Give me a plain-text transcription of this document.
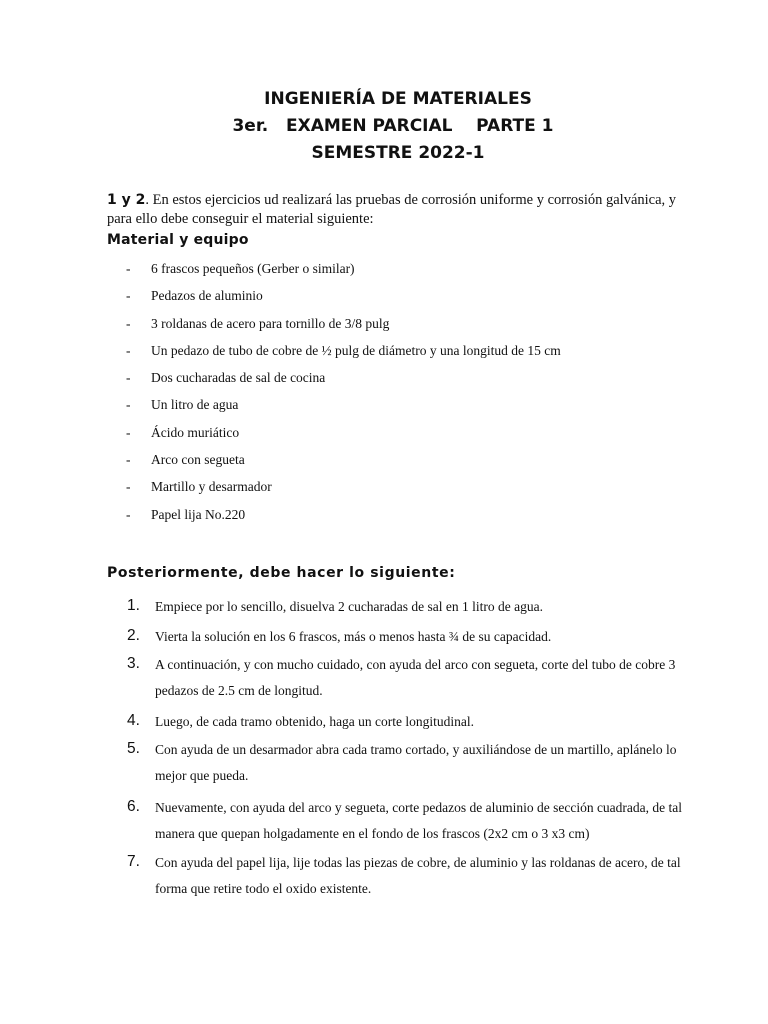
INGENIERÍA DE MATERIALES
3er.   EXAMEN PARCIAL    PARTE 1
SEMESTRE 2022-1
1 y 2. En estos ejercicios ud realizará las pruebas de corrosión uniforme y corrosión galvánica, y para ello debe conseguir el material siguiente:
Material y equipo
- 6 frascos pequeños (Gerber o similar)
- Pedazos de aluminio
- 3 roldanas de acero para tornillo de 3/8 pulg
- Un pedazo de tubo de cobre de ½ pulg de diámetro y una longitud de 15 cm
- Dos cucharadas de sal de cocina
- Un litro de agua
- Ácido muriático
- Arco con segueta
- Martillo y desarmador
- Papel lija No.220
Posteriormente, debe hacer lo siguiente:
1. Empiece por lo sencillo, disuelva 2 cucharadas de sal en 1 litro de agua.
2. Vierta la solución en los 6 frascos, más o menos hasta ¾ de su capacidad.
3. A continuación, y con mucho cuidado, con ayuda del arco con segueta, corte del tubo de cobre 3 pedazos de 2.5 cm de longitud.
4. Luego, de cada tramo obtenido, haga un corte longitudinal.
5. Con ayuda de un desarmador abra cada tramo cortado, y auxiliándose de un martillo, aplánelo lo mejor que pueda.
6. Nuevamente, con ayuda del arco y segueta, corte pedazos de aluminio de sección cuadrada, de tal manera que quepan holgadamente en el fondo de los frascos (2x2 cm o 3 x3 cm)
7. Con ayuda del papel lija, lije todas las piezas de cobre, de aluminio y las roldanas de acero, de tal forma que retire todo el oxido existente.
